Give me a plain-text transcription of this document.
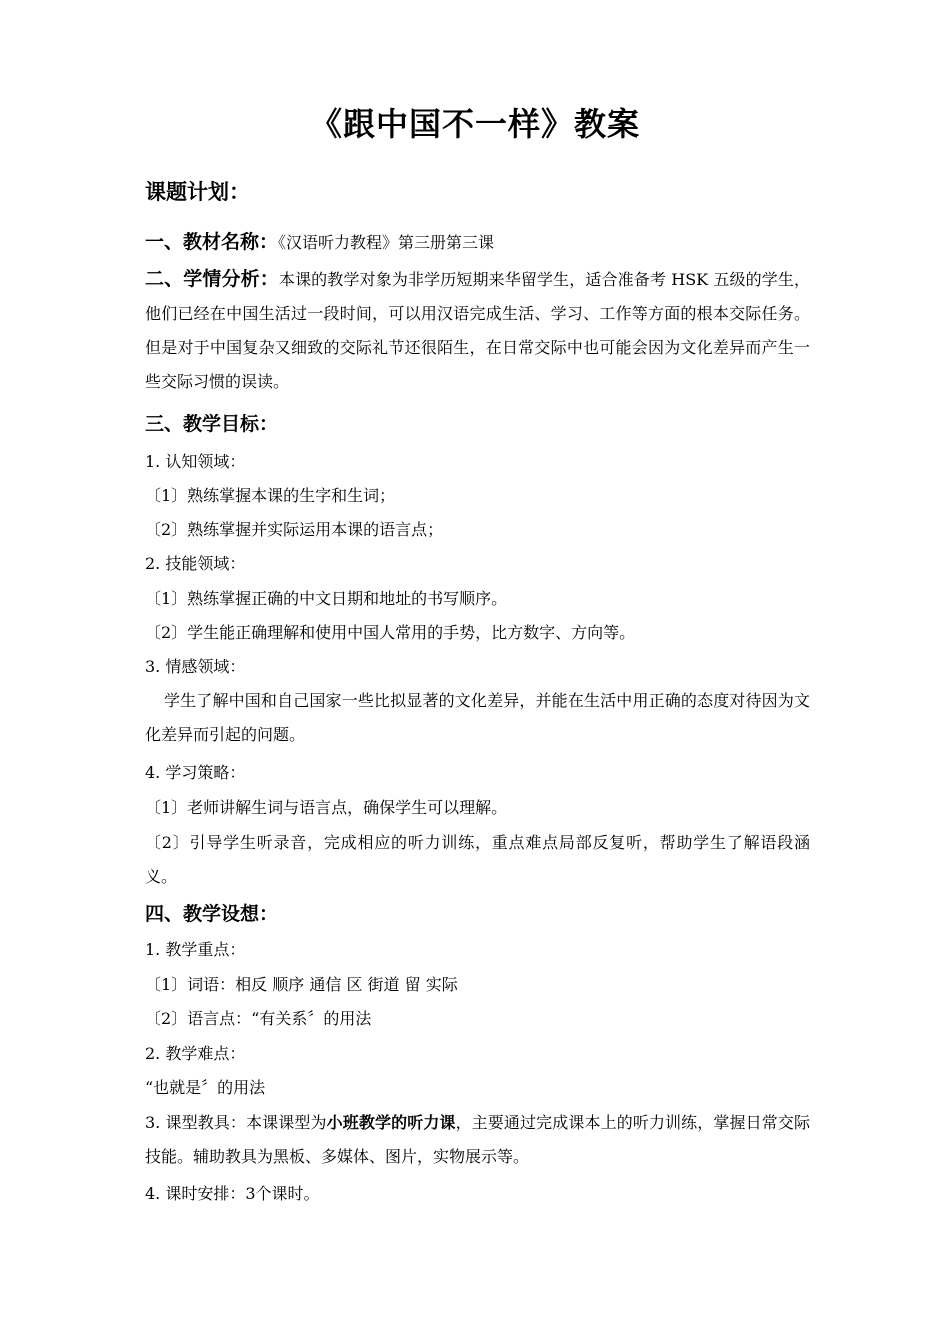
《跟中国不一样》教案
课题计划：
一、教材名称：《汉语听力教程》第三册第三课
二、学情分析：本课的教学对象为非学历短期来华留学生，适合准备考 HSK 五级的学生，他们已经在中国生活过一段时间，可以用汉语完成生活、学习、工作等方面的根本交际任务。但是对于中国复杂又细致的交际礼节还很陌生，在日常交际中也可能会因为文化差异而产生一些交际习惯的误读。
三、教学目标：
1. 认知领域：
〔1〕熟练掌握本课的生字和生词；
〔2〕熟练掌握并实际运用本课的语言点；
2. 技能领域：
〔1〕熟练掌握正确的中文日期和地址的书写顺序。
〔2〕学生能正确理解和使用中国人常用的手势，比方数字、方向等。
3. 情感领域：
学生了解中国和自己国家一些比拟显著的文化差异，并能在生活中用正确的态度对待因为文化差异而引起的问题。
4. 学习策略：
〔1〕老师讲解生词与语言点，确保学生可以理解。
〔2〕引导学生听录音，完成相应的听力训练，重点难点局部反复听，帮助学生了解语段涵义。
四、教学设想：
1. 教学重点：
〔1〕词语：相反 顺序 通信 区 街道 留 实际
〔2〕语言点：“有关系〞的用法
2. 教学难点：
“也就是〞的用法
3. 课型教具：本课课型为小班教学的听力课，主要通过完成课本上的听力训练，掌握日常交际技能。辅助教具为黑板、多媒体、图片，实物展示等。
4. 课时安排：3个课时。
